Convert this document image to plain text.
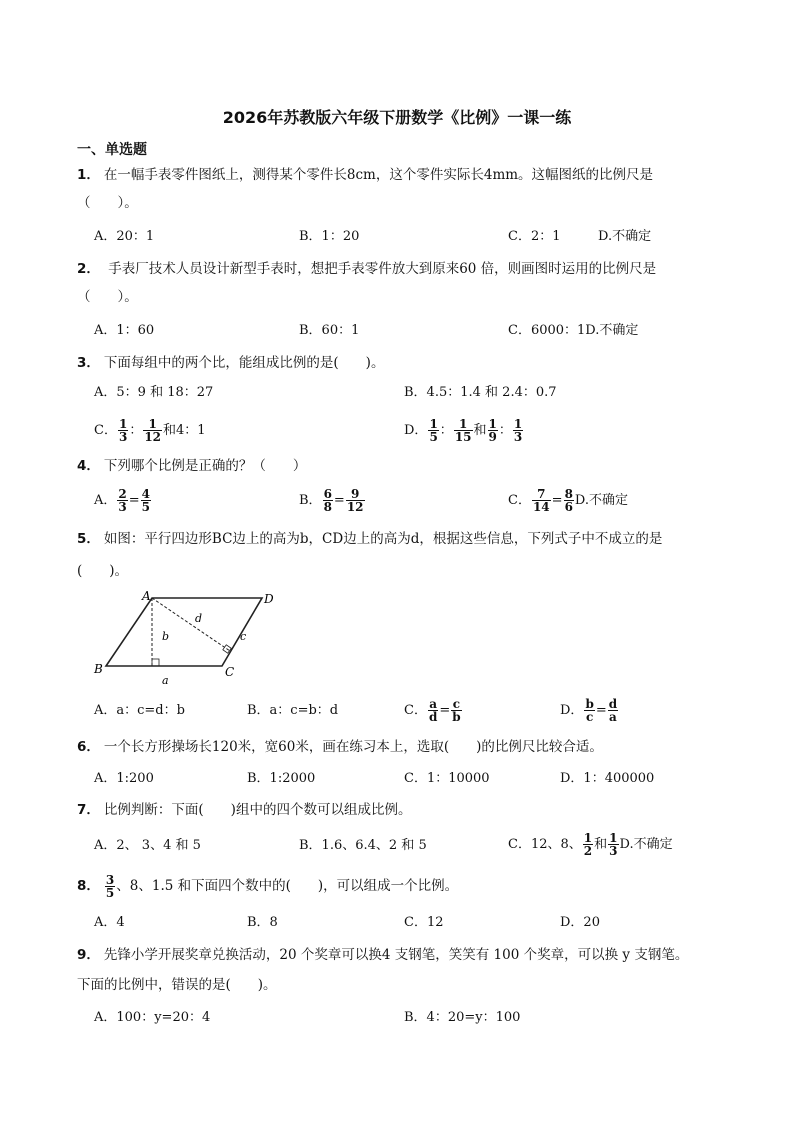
2026年苏教版六年级下册数学《比例》一课一练
一、单选题
1． 在一幅手表零件图纸上，测得某个零件长8cm，这个零件实际长4mm。这幅图纸的比例尺是
（　　）。
A．20：1	B．1：20	C．2：1	D.不确定
2． 手表厂技术人员设计新型手表时，想把手表零件放大到原来60 倍，则画图时运用的比例尺是
（　　）。
A．1：60	B．60：1	C．6000：1D.不确定
3． 下面每组中的两个比，能组成比例的是(　　)。
A．5：9 和 18：27	B．4.5：1.4 和 2.4：0.7
C． $\frac{1}{3}$ ： $\frac{1}{12}$ 和4：1	D． $\frac{1}{5}$ ： $\frac{1}{15}$ 和 $\frac{1}{9}$ ： $\frac{1}{3}$
4． 下列哪个比例是正确的？（　　）
A． $\frac{2}{3} = \frac{4}{5}$	B． $\frac{6}{8} = \frac{9}{12}$	C． $\frac{7}{14} = \frac{8}{6} D$.不确定
5． 如图：平行四边形BC边上的高为b，CD边上的高为d，根据这些信息，下列式子中不成立的是
(　　)。
A	D
B	C
b
d
c
a
A．a：c=d：b	B．a：c=b：d	C． $\frac{a}{d} = \frac{c}{b}$	D． $\frac{b}{c} = \frac{d}{a}$
6． 一个长方形操场长120米，宽60米，画在练习本上，选取(　　)的比例尺比较合适。
A．1:200	B．1:2000	C．1：10000	D．1：400000
7． 比例判断：下面(　　)组中的四个数可以组成比例。
A．2、 3、4 和 5	B．1.6、6.4、2 和 5	C．12、8、 $\frac{1}{2}$ 和 $\frac{1}{3} D$.不确定
8． $\frac{3}{5}$ 、8、1.5 和下面四个数中的(　　)，可以组成一个比例。
A．4	B．8	C．12	D．20
9． 先锋小学开展奖章兑换活动，20 个奖章可以换4 支钢笔，笑笑有 100 个奖章，可以换 y 支钢笔。
下面的比例中，错误的是(　　)。
A．100：y=20：4	B．4：20=y：100
